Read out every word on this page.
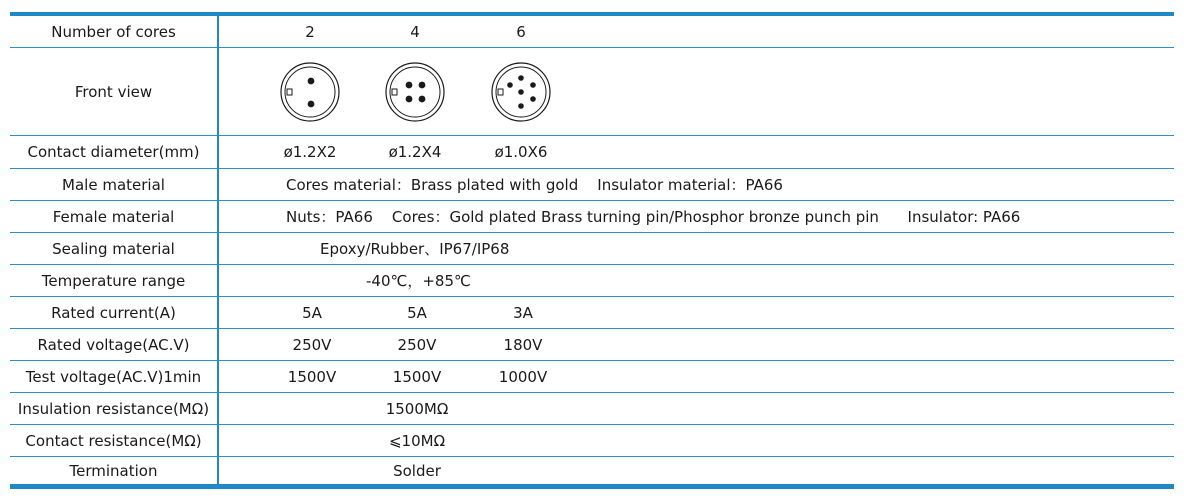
Number of cores	2	4	6
Front view
Contact diameter(mm)	ø1.2X2	ø1.2X4	ø1.0X6
Male material	Cores material：Brass plated with gold    Insulator material：PA66
Female material	Nuts：PA66    Cores：Gold plated Brass turning pin/Phosphor bronze punch pin      Insulator: PA66
Sealing material	Epoxy/Rubber、IP67/IP68
Temperature range	-40℃，+85℃
Rated current(A)	5A	5A	3A
Rated voltage(AC.V)	250V	250V	180V
Test voltage(AC.V)1min	1500V	1500V	1000V
Insulation resistance(MΩ)	1500MΩ
Contact resistance(MΩ)	⩽10MΩ
Termination	Solder
